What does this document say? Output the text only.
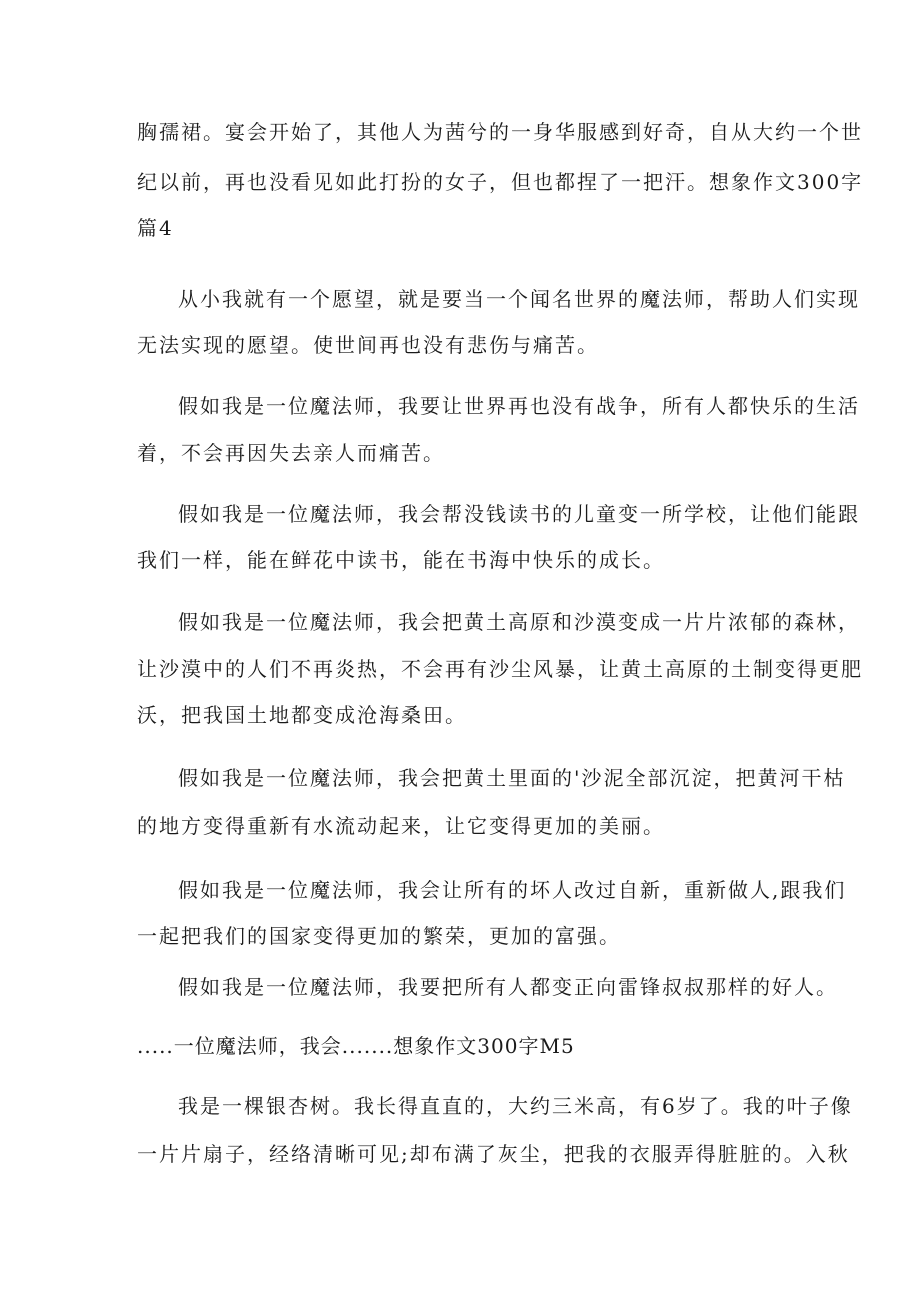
胸孺裙。宴会开始了，其他人为茜兮的一身华服感到好奇，自从大约一个世
纪以前，再也没看见如此打扮的女子，但也都捏了一把汗。想象作文300字
篇4
从小我就有一个愿望，就是要当一个闻名世界的魔法师，帮助人们实现
无法实现的愿望。使世间再也没有悲伤与痛苦。
假如我是一位魔法师，我要让世界再也没有战争，所有人都快乐的生活
着，不会再因失去亲人而痛苦。
假如我是一位魔法师，我会帮没钱读书的儿童变一所学校，让他们能跟
我们一样，能在鲜花中读书，能在书海中快乐的成长。
假如我是一位魔法师，我会把黄土高原和沙漠变成一片片浓郁的森林，
让沙漠中的人们不再炎热，不会再有沙尘风暴，让黄土高原的土制变得更肥
沃，把我国土地都变成沧海桑田。
假如我是一位魔法师，我会把黄土里面的'沙泥全部沉淀，把黄河干枯
的地方变得重新有水流动起来，让它变得更加的美丽。
假如我是一位魔法师，我会让所有的坏人改过自新，重新做人,跟我们
一起把我们的国家变得更加的繁荣，更加的富强。
假如我是一位魔法师，我要把所有人都变正向雷锋叔叔那样的好人。
.....一位魔法师，我会.......想象作文300字M5
我是一棵银杏树。我长得直直的，大约三米高，有6岁了。我的叶子像
一片片扇子，经络清晰可见;却布满了灰尘，把我的衣服弄得脏脏的。入秋
